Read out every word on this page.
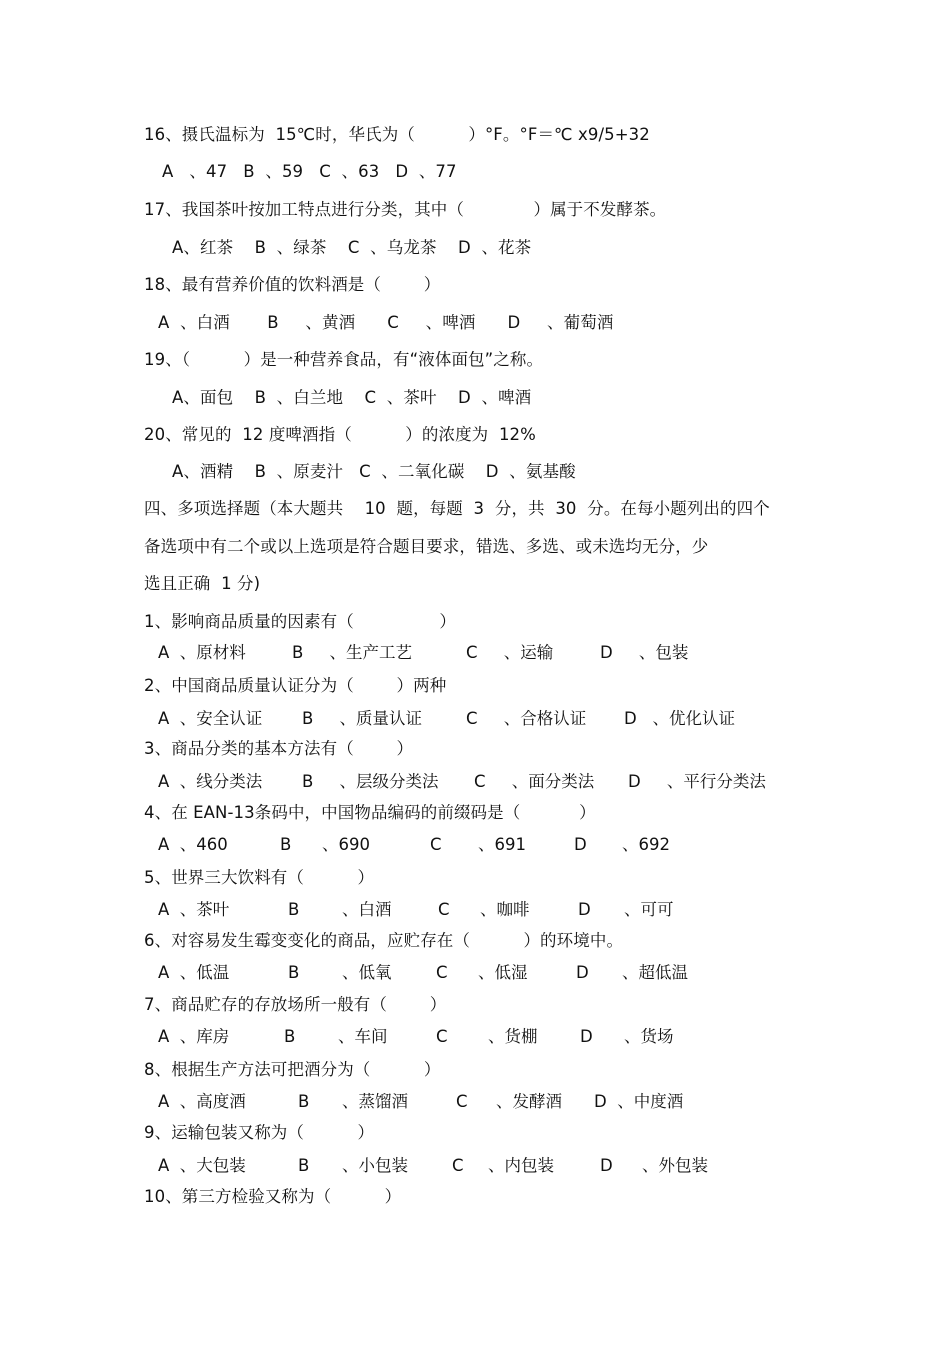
16、摄氏温标为  15℃时，华氏为（          ）°F。°F＝℃ x9/5+32
A   、47   B  、59   C  、63   D  、77
17、我国茶叶按加工特点进行分类，其中（             ）属于不发酵茶。
A、红茶    B  、绿茶    C  、乌龙茶    D  、花茶
18、最有营养价值的饮料酒是（        ）
A  、白酒       B     、黄酒      C     、啤酒      D     、葡萄酒
19、（          ）是一种营养食品，有“液体面包”之称。
A、面包    B  、白兰地    C  、茶叶    D  、啤酒
20、常见的  12 度啤酒指（          ）的浓度为  12%
A、酒精    B  、原麦汁   C  、二氧化碳    D  、氨基酸
四、多项选择题（本大题共    10  题，每题  3  分，共  30  分。在每小题列出的四个
备选项中有二个或以上选项是符合题目要求，错选、多选、或未选均无分，少
选且正确  1 分)
1、影响商品质量的因素有（                ）
A  、原材料	B     、生产工艺	C     、运输	D     、包装
2、中国商品质量认证分为（        ）两种
A  、安全认证 B     、质量认证	C     、合格认证 D   、优化认证
3、商品分类的基本方法有（        ）
A  、线分类法 B     、层级分类法 C     、面分类法 D     、平行分类法
4、在 EAN-13条码中，中国物品编码的前缀码是（           ）
A  、460	B 、690	C 、691	D 、692
5、世界三大饮料有（          ）
A  、茶叶	B	、白酒	C 、咖啡	D 、可可
6、对容易发生霉变变化的商品，应贮存在（          ）的环境中。
A  、低温	B	、低氧	C 、低湿	D 、超低温
7、商品贮存的存放场所一般有（        ）
A  、库房	B	、车间	C 、货棚	D 、货场
8、根据生产方法可把酒分为（          ）
A  、高度酒	B 、蒸馏酒	C 、发酵酒 D  、中度酒
9、运输包装又称为（          ）
A  、大包装	B 、小包装	C 、内包装	D 、外包装
10、第三方检验又称为（          ）
